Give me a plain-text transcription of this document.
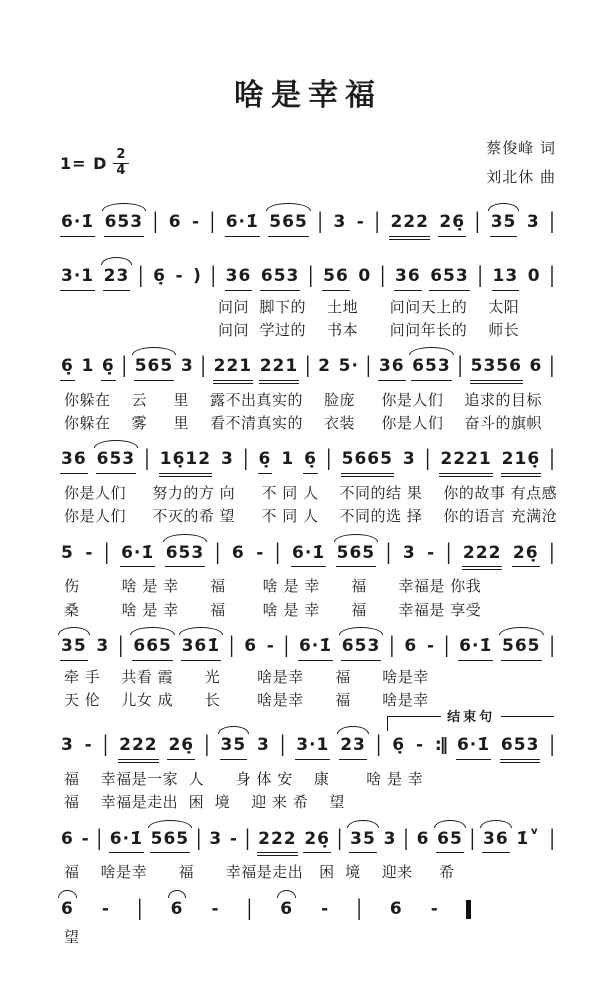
啥是幸福
1= D $\frac{2}{4}$	蔡俊峰 词
刘北休 曲
6·1̇ 653 | 6 - | 6·1̇ 565 | 3 - | 222 26̣ | 35 3 |
3·1 23 | 6̣ - ) | 36 653 | 56 0 | 36 653 | 13 0 |
问问  脚下的    土地      问问天上的    太阳
问问  学过的    书本      问问年长的    师长
6̣ 1 6̣ | 565 3 | 221 221 | 2 5· | 36 653 | 5356 6 |
你躲在    云     里    露不出真实的    脸庞     你是人们    追求的目标
你躲在    雾     里    看不清真实的    衣装     你是人们    奋斗的旗帜
36 653 | 16̣12 3 | 6̣ 1 6̣ | 5665 3 | 2221 216̣ |
你是人们     努力的方 向     不 同 人    不同的结 果    你的故事 有点感
你是人们     不灭的希 望     不 同 人    不同的选 择    你的语言 充满沧
5 - | 6·1̇ 653 | 6 - | 6·1̇ 565 | 3 - | 222 26̣ |
伤        啥 是 幸      福       啥 是 幸      福      幸福是 你我
桑        啥 是 幸      福       啥 是 幸      福      幸福是 享受
35 3 | 665 361̇ | 6 - | 6·1̇ 653 | 6 - | 6·1̇ 565 |
牵 手    共看 霞      光       啥是幸      福      啥是幸
天 伦    儿女 成      长       啥是幸      福      啥是幸
3 - | 222 26̣ | 35 3 | 3·1 23 | 6̣ - :‖ 6·1̇ 653 |
结束句
福    幸福是一家  人      身 体 安    康       啥 是 幸
福    幸福是走出  困  境    迎 来 希    望
6 - | 6·1̇ 565 | 3 - | 222 26̣ | 35 3 | 6 65 | 36 1̇ v |
福    啥是幸      福      幸福是走出   困  境    迎来     希
6 - | 6 - | 6 - | 6 -
望
